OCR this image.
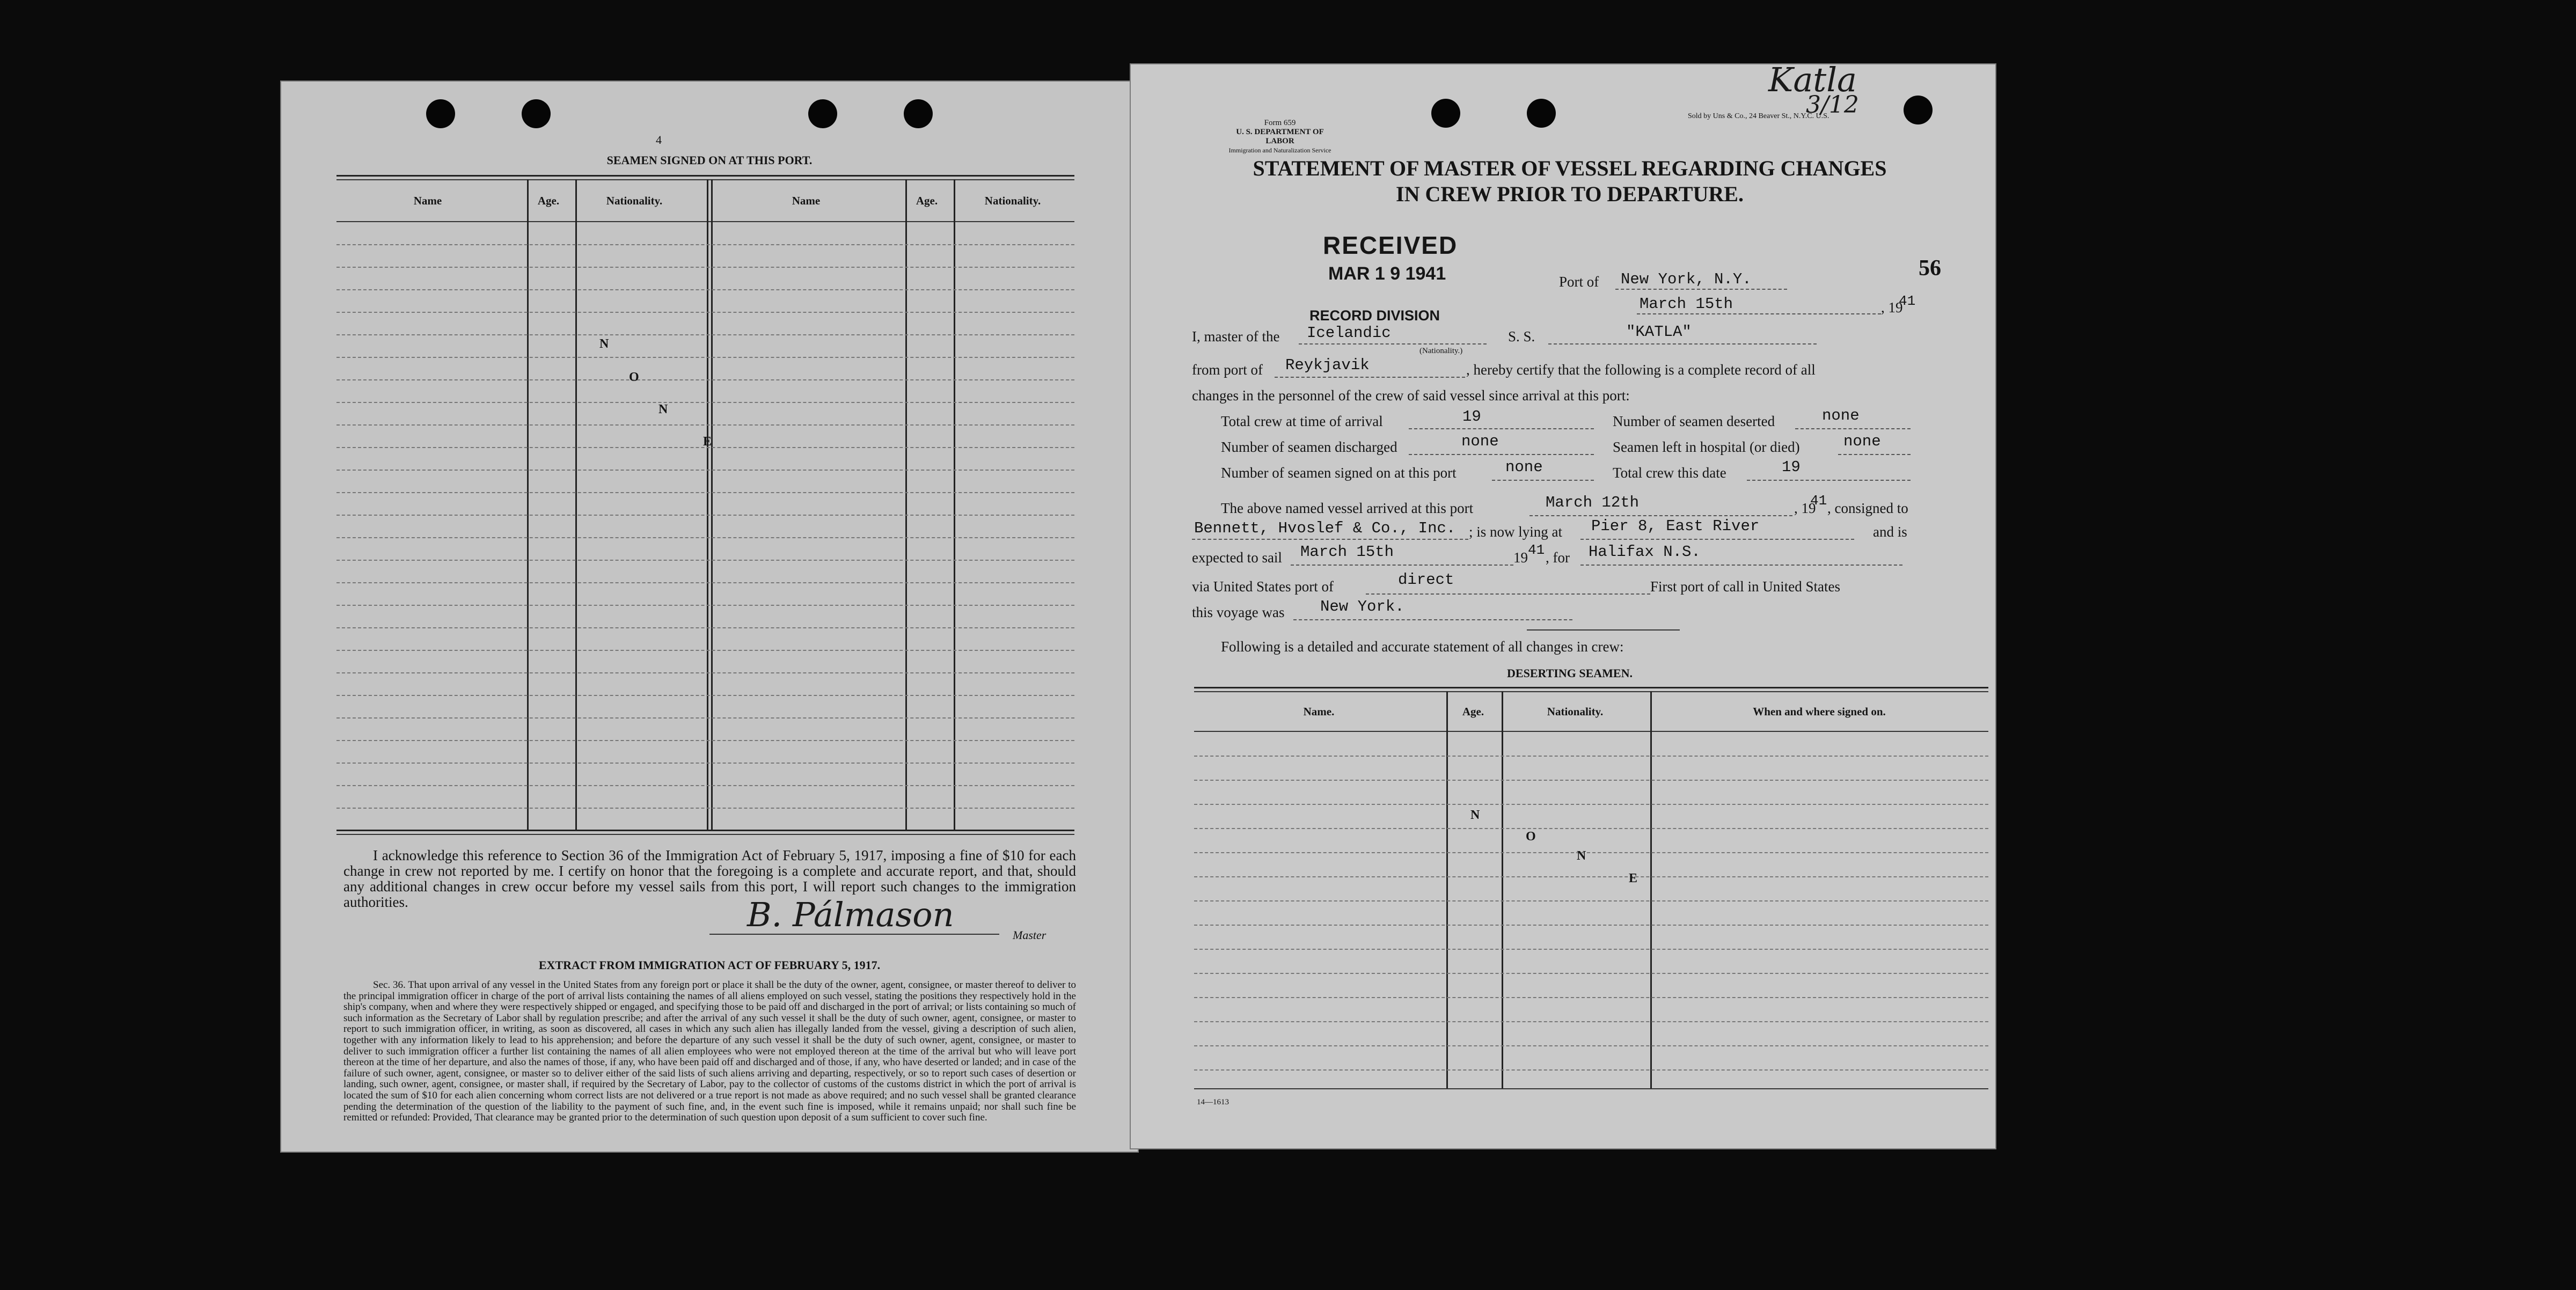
4
SEAMEN SIGNED ON AT THIS PORT.
Name	Age.	Nationality.	Name	Age.	Nationality.
N
O
N
E
I acknowledge this reference to Section 36 of the Immigration Act of February 5, 1917, imposing a fine of $10 for each change in crew not reported by me. I certify on honor that the foregoing is a complete and accurate report, and that, should any additional changes in crew occur before my vessel sails from this port, I will report such changes to the immigration authorities.	B. Pálmason
Master
EXTRACT FROM IMMIGRATION ACT OF FEBRUARY 5, 1917.
Sec. 36. That upon arrival of any vessel in the United States from any foreign port or place it shall be the duty of the owner, agent, consignee, or master thereof to deliver to the principal immigration officer in charge of the port of arrival lists containing the names of all aliens employed on such vessel, stating the positions they respectively hold in the ship's company, when and where they were respectively shipped or engaged, and specifying those to be paid off and discharged in the port of arrival; or lists containing so much of such information as the Secretary of Labor shall by regulation prescribe; and after the arrival of any such vessel it shall be the duty of such owner, agent, consignee, or master to report to such immigration officer, in writing, as soon as discovered, all cases in which any such alien has illegally landed from the vessel, giving a description of such alien, together with any information likely to lead to his apprehension; and before the departure of any such vessel it shall be the duty of such owner, agent, consignee, or master to deliver to such immigration officer a further list containing the names of all alien employees who were not employed thereon at the time of the arrival but who will leave port thereon at the time of her departure, and also the names of those, if any, who have been paid off and discharged and of those, if any, who have deserted or landed; and in case of the failure of such owner, agent, consignee, or master so to deliver either of the said lists of such aliens arriving and departing, respectively, or so to report such cases of desertion or landing, such owner, agent, consignee, or master shall, if required by the Secretary of Labor, pay to the collector of customs of the customs district in which the port of arrival is located the sum of $10 for each alien concerning whom correct lists are not delivered or a true report is not made as above required; and no such vessel shall be granted clearance pending the determination of the question of the liability to the payment of such fine, and, in the event such fine is imposed, while it remains unpaid; nor shall such fine be remitted or refunded: Provided, That clearance may be granted prior to the determination of such question upon deposit of a sum sufficient to cover such fine.
Form 659
U. S. DEPARTMENT OF LABOR
Immigration and Naturalization Service
Sold by Uns & Co., 24 Beaver St., N.Y.C. U.S.
Katla
3/12
STATEMENT OF MASTER OF VESSEL REGARDING CHANGES
IN CREW PRIOR TO DEPARTURE.
RECEIVED
MAR 1 9 1941
RECORD DIVISION
56
Port of New York, N.Y.
March 15th	, 19
41
I, master of the Icelandic
(Nationality.)
S. S.	"KATLA"
from port of Reykjavik	, hereby certify that the following is a complete record of all
changes in the personnel of the crew of said vessel since arrival at this port:
Total crew at time of arrival	19	Number of seamen deserted	none
Number of seamen discharged	none	Seamen left in hospital (or died)	none
Number of seamen signed on at this port	none	Total crew this date	19
The above named vessel arrived at this port	March 12th	, 19
41 , consigned to
Bennett, Hvoslef & Co., Inc. ; is now lying at Pier 8, East River	and is
expected to sail March 15th	19 41 , for Halifax N.S.
via United States port of	direct	First port of call in United States
this voyage was New York.
Following is a detailed and accurate statement of all changes in crew:
DESERTING SEAMEN.
Name.	Age.	Nationality.	When and where signed on.
N
O
N
E
14—1613
